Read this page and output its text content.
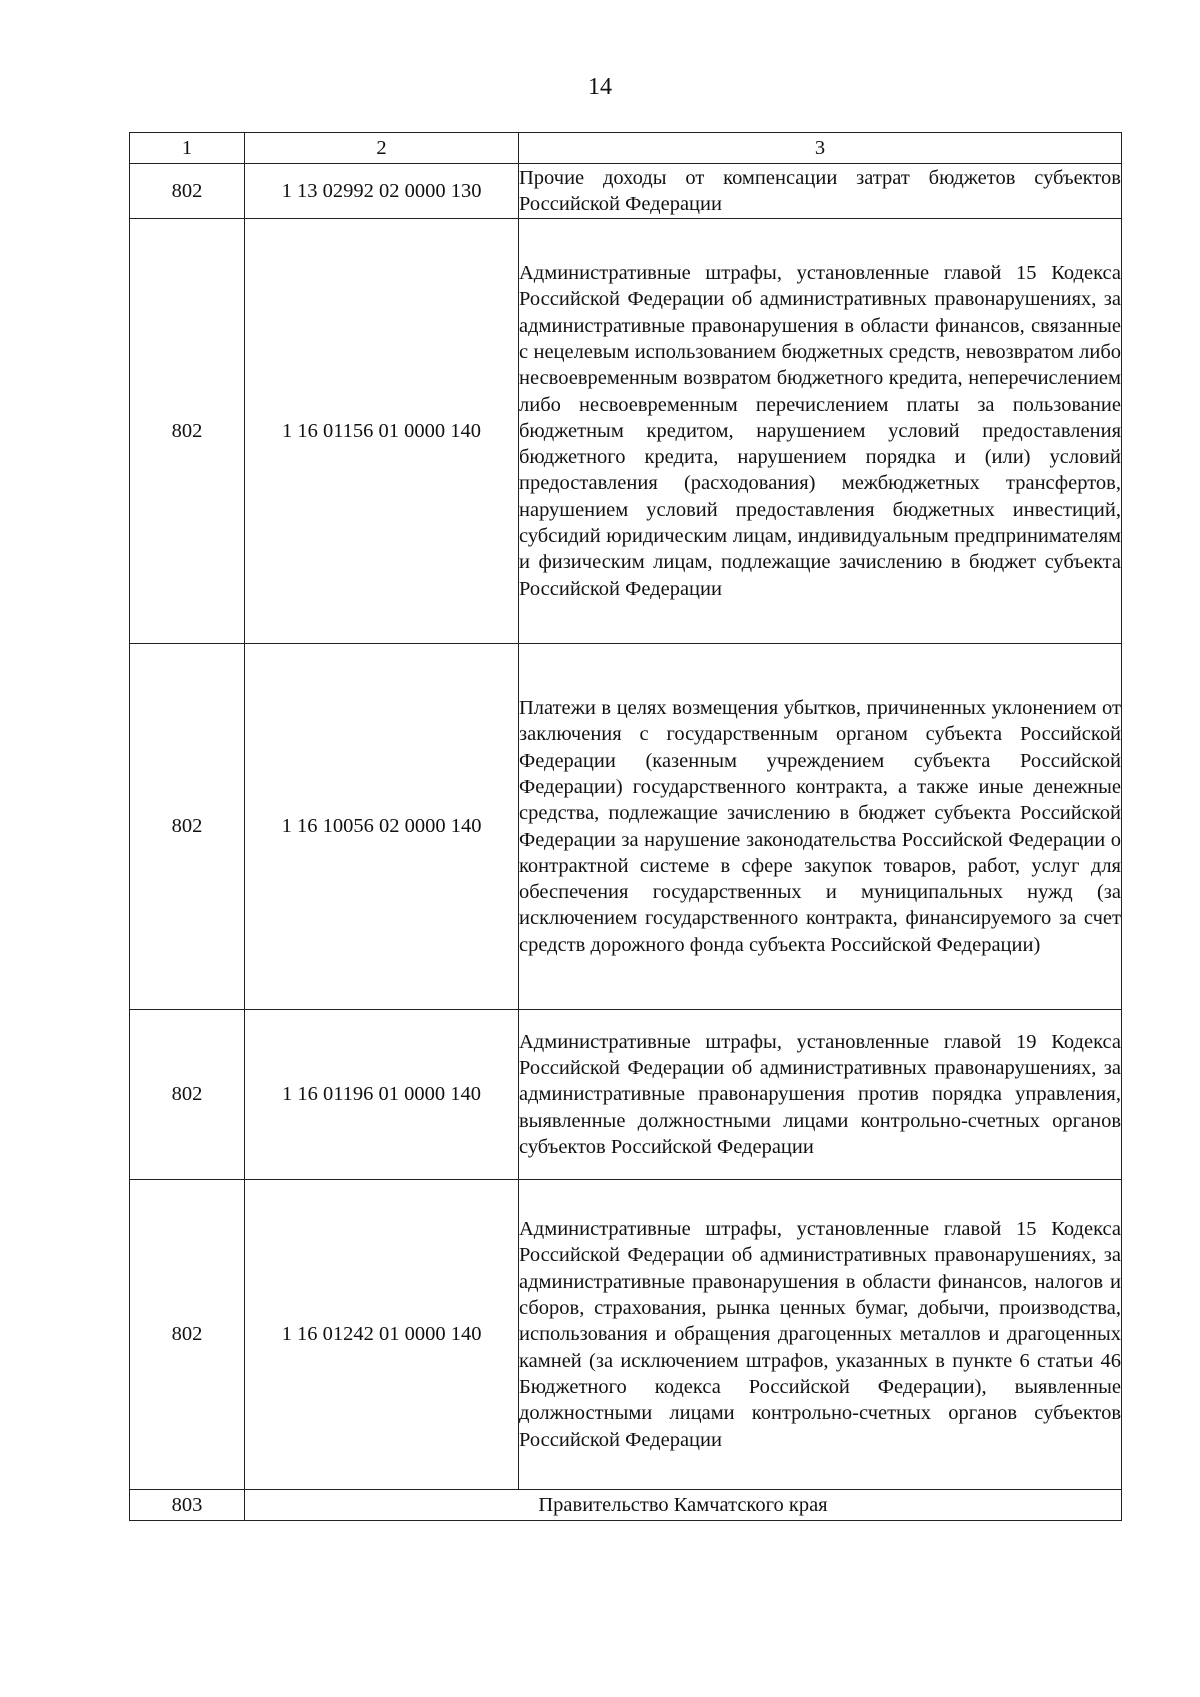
14
1	2	3
802	1 13 02992 02 0000 130	Прочие доходы от компенсации затрат бюджетов субъектов Российской Федерации
802	1 16 01156 01 0000 140	Административные штрафы, установленные главой 15 Кодекса Российской Федерации об административных правонарушениях, за административные правонарушения в области финансов, связанные с нецелевым использованием бюджетных средств, невозвратом либо несвоевременным возвратом бюджетного кредита, неперечислением либо несвоевременным перечислением платы за пользование бюджетным кредитом, нарушением условий предоставления бюджетного кредита, нарушением порядка и (или) условий предоставления (расходования) межбюджетных трансфертов, нарушением условий предоставления бюджетных инвестиций, субсидий юридическим лицам, индивидуальным предпринимателям и физическим лицам, подлежащие зачислению в бюджет субъекта Российской Федерации
802	1 16 10056 02 0000 140	Платежи в целях возмещения убытков, причиненных уклонением от заключения с государственным органом субъекта Российской Федерации (казенным учреждением субъекта Российской Федерации) государственного контракта, а также иные денежные средства, подлежащие зачислению в бюджет субъекта Российской Федерации за нарушение законодательства Российской Федерации о контрактной системе в сфере закупок товаров, работ, услуг для обеспечения государственных и муниципальных нужд (за исключением государственного контракта, финансируемого за счет средств дорожного фонда субъекта Российской Федерации)
802	1 16 01196 01 0000 140	Административные штрафы, установленные главой 19 Кодекса Российской Федерации об административных правонарушениях, за административные правонарушения против порядка управления, выявленные должностными лицами контрольно-счетных органов субъектов Российской Федерации
802	1 16 01242 01 0000 140	Административные штрафы, установленные главой 15 Кодекса Российской Федерации об административных правонарушениях, за административные правонарушения в области финансов, налогов и сборов, страхования, рынка ценных бумаг, добычи, производства, использования и обращения драгоценных металлов и драгоценных камней (за исключением штрафов, указанных в пункте 6 статьи 46 Бюджетного кодекса Российской Федерации), выявленные должностными лицами контрольно-счетных органов субъектов Российской Федерации
803	Правительство Камчатского края	
